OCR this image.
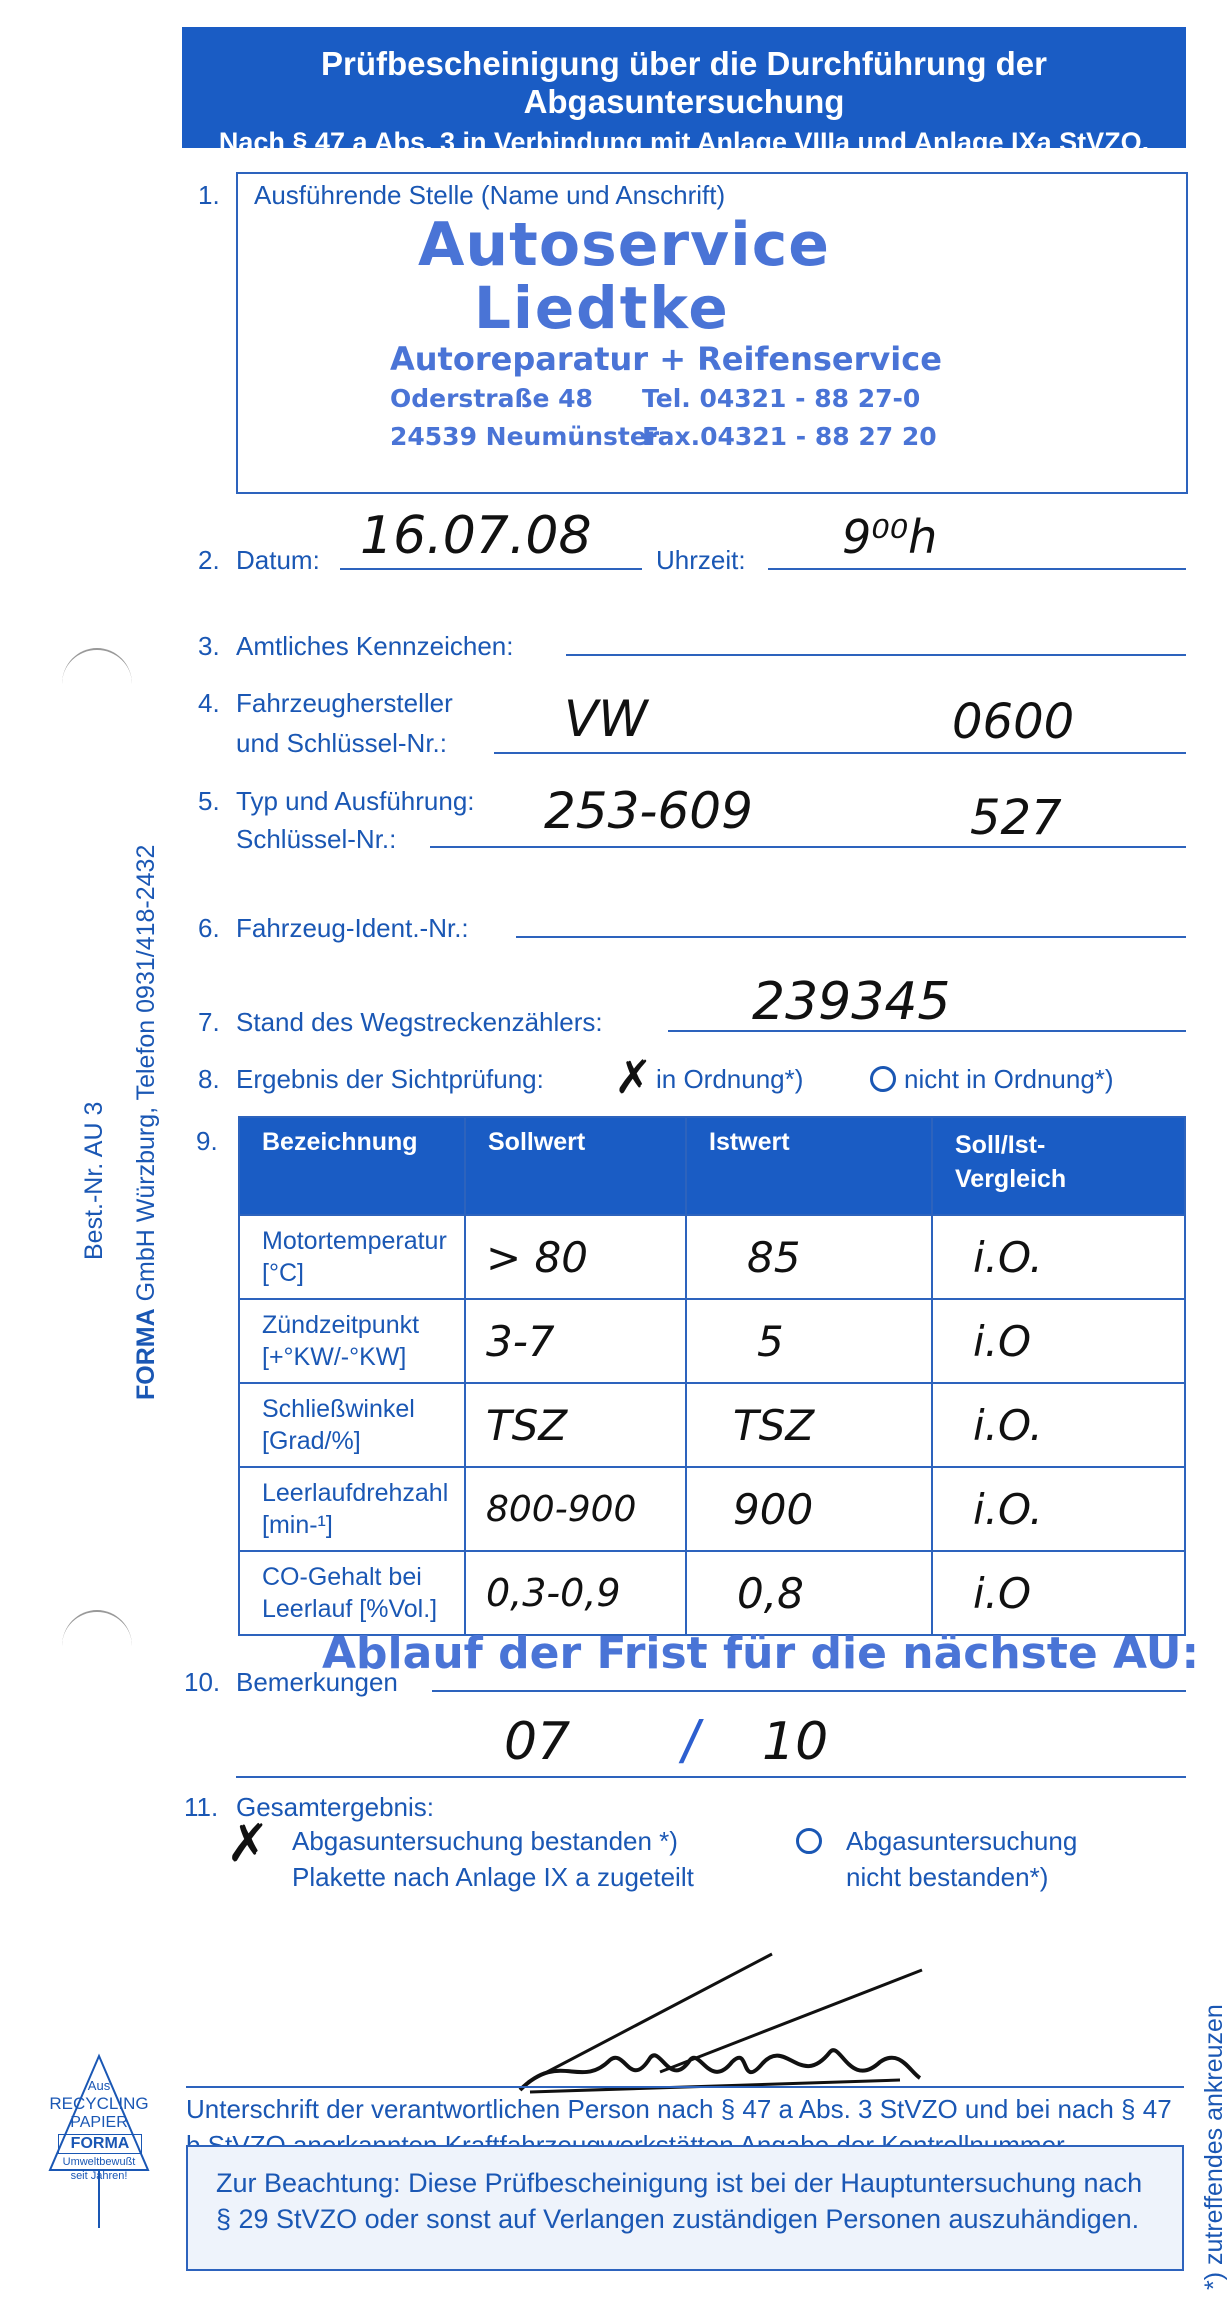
Prüfbescheinigung über die Durchführung der Abgasuntersuchung
Nach § 47 a Abs. 3 in Verbindung mit Anlage VIIIa und Anlage IXa StVZO.
1. Ausführende Stelle (Name und Anschrift)
Autoservice
Liedtke
Autoreparatur + Reifenservice
Oderstraße 48
24539 Neumünster
Tel. 04321 - 88 27-0
Fax.04321 - 88 27 20
2. Datum: 16.07.08 Uhrzeit: 9⁰⁰h
3. Amtliches Kennzeichen:
4. Fahrzeughersteller
und Schlüssel-Nr.: VW	0600
5. Typ und Ausführung:
Schlüssel-Nr.:	253-609	527
6. Fahrzeug-Ident.-Nr.:
7. Stand des Wegstreckenzählers:	239345
8. Ergebnis der Sichtprüfung: ✗ in Ordnung*)	nicht in Ordnung*)
9. Bezeichnung	Sollwert	Istwert	Soll/Ist-Vergleich

Motortemperatur
[°C]	> 80	85	i.O.

Zündzeitpunkt
[+°KW/-°KW]	3-7	5	i.O

Schließwinkel
[Grad/%]	TSZ	TSZ	i.O.

Leerlaufdrehzahl
[min-¹]	800-900	900	i.O.

CO-Gehalt bei
Leerlauf [%Vol.]	0,3-0,9	0,8	i.O
Ablauf der Frist für die nächste AU:
10. Bemerkungen
07 / 10
11. Gesamtergebnis:
✗ Abgasuntersuchung bestanden *)
Plakette nach Anlage IX a zugeteilt
Abgasuntersuchung
nicht bestanden*)
Unterschrift der verantwortlichen Person nach § 47 a Abs. 3 StVZO und bei nach § 47
Zur Beachtung: Diese Prüfbescheinigung ist bei der Hauptuntersuchung nach
§ 29 StVZO oder sonst auf Verlangen zuständigen Personen auszuhändigen.
Best.-Nr. AU 3
FORMA GmbH Würzburg, Telefon 0931/418-2432
*) zutreffendes ankreuzen
Aus
RECYCLING
PAPIER
FORMA
Umweltbewußt
seit Jahren!
